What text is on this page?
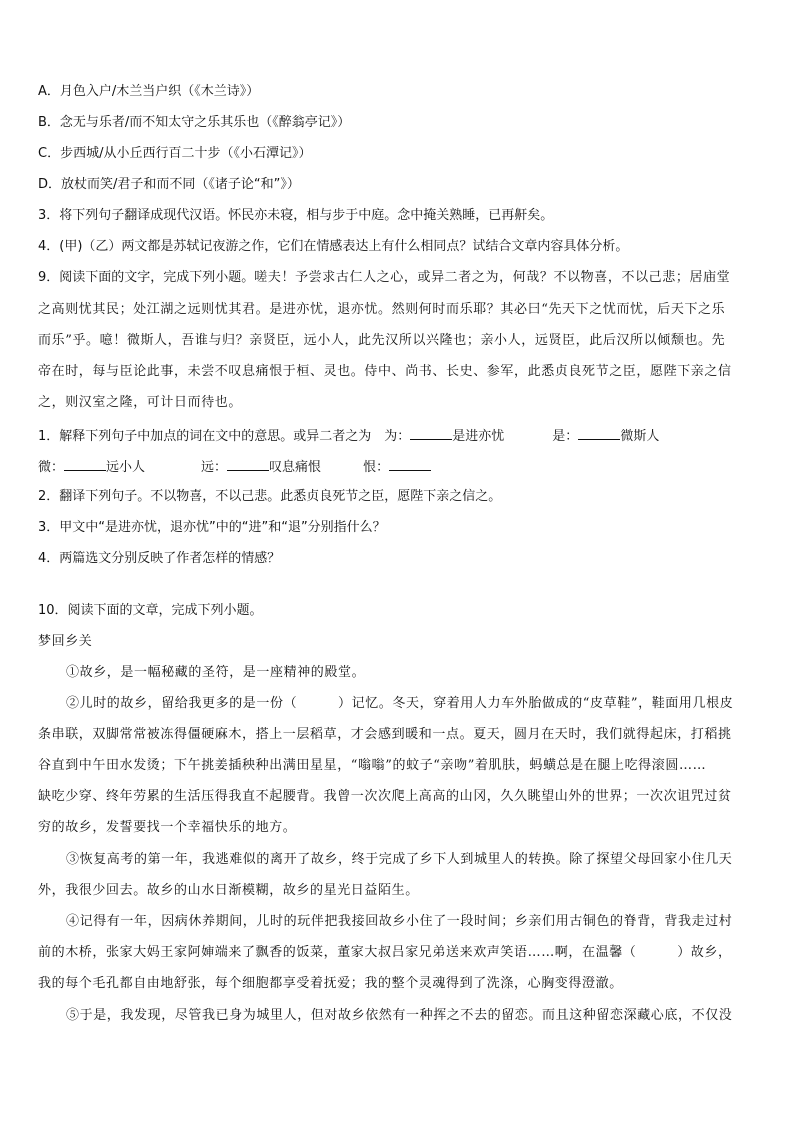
A．月色入户/木兰当户织（《木兰诗》）
B．念无与乐者/而不知太守之乐其乐也（《醉翁亭记》）
C．步西城/从小丘西行百二十步（《小石潭记》）
D．放杖而笑/君子和而不同（《诸子论“和”》）
3．将下列句子翻译成现代汉语。怀民亦未寝，相与步于中庭。念中掩关熟睡，已再鼾矣。
4．(甲)（乙）两文都是苏轼记夜游之作，它们在情感表达上有什么相同点？试结合文章内容具体分析。
9．阅读下面的文字，完成下列小题。嗟夫！予尝求古仁人之心，或异二者之为，何哉？不以物喜，不以己悲；居庙堂
之高则忧其民；处江湖之远则忧其君。是进亦忧，退亦忧。然则何时而乐耶？其必曰“先天下之忧而忧，后天下之乐
而乐”乎。噫！微斯人，吾谁与归？亲贤臣，远小人，此先汉所以兴隆也；亲小人，远贤臣，此后汉所以倾颓也。先
帝在时，每与臣论此事，未尝不叹息痛恨于桓、灵也。侍中、尚书、长史、参军，此悉贞良死节之臣，愿陛下亲之信
之，则汉室之隆，可计日而待也。
1．解释下列句子中加点的词在文中的意思。或异二者之为　为：	是进亦忧	是：	微斯人
微：	远小人	远：	叹息痛恨	恨：
2．翻译下列句子。不以物喜，不以己悲。此悉贞良死节之臣，愿陛下亲之信之。
3．甲文中“是进亦忧，退亦忧”中的“进”和“退”分别指什么？
4．两篇选文分别反映了作者怎样的情感？
10．阅读下面的文章，完成下列小题。
梦回乡关
①故乡，是一幅秘藏的圣符，是一座精神的殿堂。
②儿时的故乡，留给我更多的是一份（　　　）记忆。冬天，穿着用人力车外胎做成的“皮草鞋”，鞋面用几根皮
条串联，双脚常常被冻得僵硬麻木，搭上一层稻草，才会感到暖和一点。夏天，圆月在天时，我们就得起床，打稻挑
谷直到中午田水发烫；下午挑姜插秧种出满田星星，“嗡嗡”的蚊子“亲吻”着肌肤，蚂蟥总是在腿上吃得滚圆……
缺吃少穿、终年劳累的生活压得我直不起腰背。我曾一次次爬上高高的山冈，久久眺望山外的世界；一次次诅咒过贫
穷的故乡，发誓要找一个幸福快乐的地方。
③恢复高考的第一年，我逃难似的离开了故乡，终于完成了乡下人到城里人的转换。除了探望父母回家小住几天
外，我很少回去。故乡的山水日渐模糊，故乡的星光日益陌生。
④记得有一年，因病休养期间，儿时的玩伴把我接回故乡小住了一段时间；乡亲们用古铜色的脊背，背我走过村
前的木桥，张家大妈王家阿婶端来了飘香的饭菜，董家大叔吕家兄弟送来欢声笑语……啊，在温馨（　　　）故乡，
我的每个毛孔都自由地舒张，每个细胞都享受着抚爱；我的整个灵魂得到了洗涤，心胸变得澄澈。
⑤于是，我发现，尽管我已身为城里人，但对故乡依然有一种挥之不去的留恋。而且这种留恋深藏心底，不仅没
